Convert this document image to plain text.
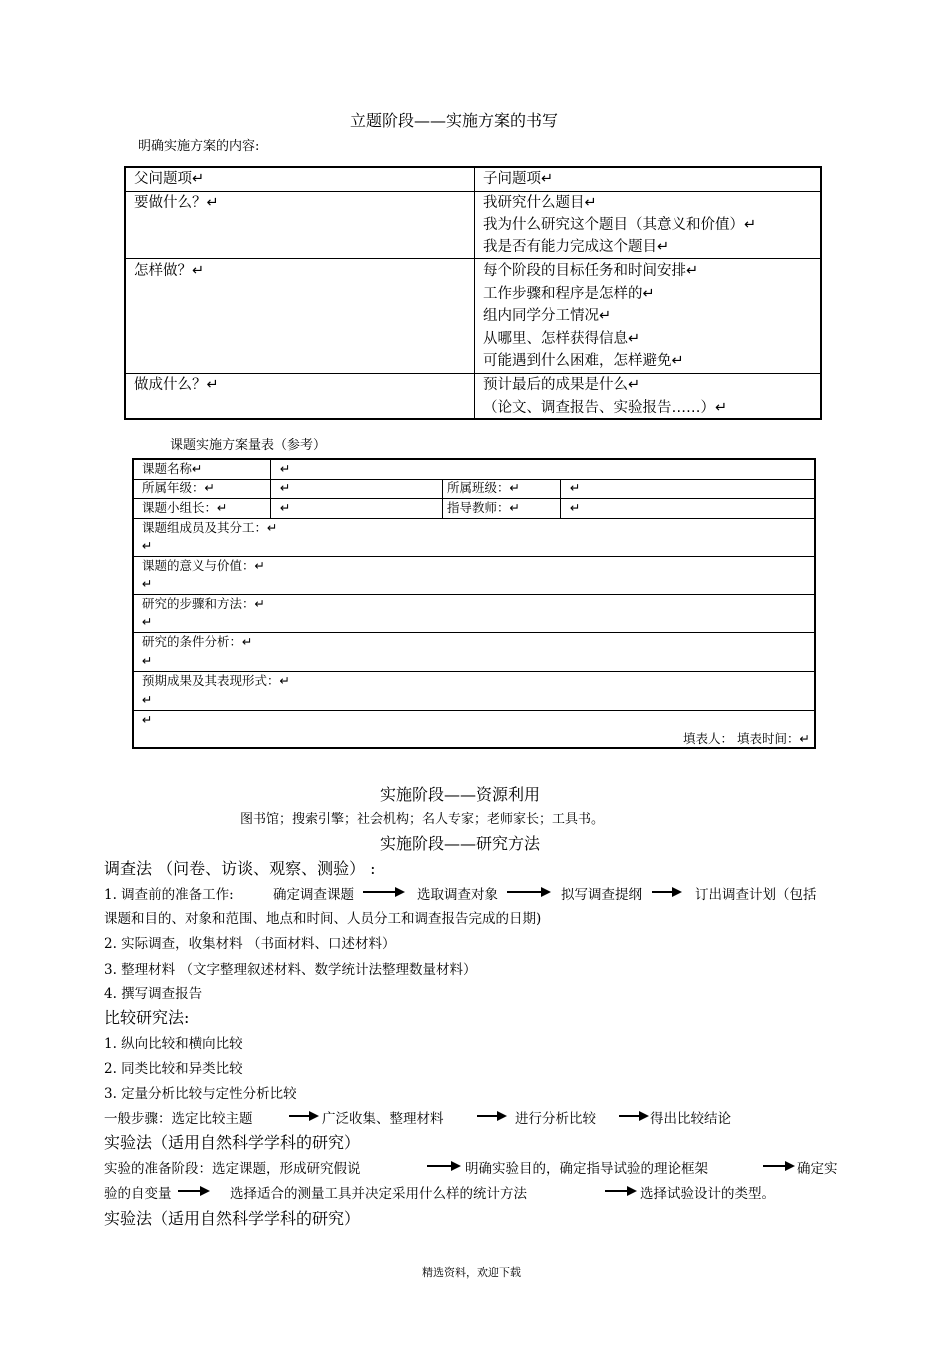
立题阶段——实施方案的书写
明确实施方案的内容:
父问题项↵	子问题项↵
要做什么？↵	我研究什么题目↵
我为什么研究这个题目（其意义和价值）↵
我是否有能力完成这个题目↵
怎样做？↵	每个阶段的目标任务和时间安排↵
工作步骤和程序是怎样的↵
组内同学分工情况↵
从哪里、怎样获得信息↵
可能遇到什么困难，怎样避免↵
做成什么？↵	预计最后的成果是什么↵
（论文、调查报告、实验报告……）↵
课题实施方案量表（参考）
课题名称↵	↵
所属年级：↵	↵	所属班级：↵	↵
课题小组长：↵	↵	指导教师：↵	↵
课题组成员及其分工：↵
↵
课题的意义与价值：↵
↵
研究的步骤和方法：↵
↵
研究的条件分析：↵
↵
预期成果及其表现形式：↵
↵
↵
填表人： 填表时间：↵
实施阶段——资源利用
图书馆；搜索引擎；社会机构；名人专家；老师家长；工具书。
实施阶段——研究方法
调查法 （问卷、访谈、观察、测验） :
1. 调查前的准备工作:	确定调查课题	选取调查对象	拟写调查提纲	订出调查计划（包括
课题和目的、对象和范围、地点和时间、人员分工和调查报告完成的日期)
2. 实际调查，收集材料 （书面材料、口述材料）
3. 整理材料 （文字整理叙述材料、数学统计法整理数量材料）
4. 撰写调查报告
比较研究法:
1. 纵向比较和横向比较
2. 同类比较和异类比较
3. 定量分析比较与定性分析比较
一般步骤：选定比较主题	广泛收集、整理材料	进行分析比较	得出比较结论
实验法（适用自然科学学科的研究）
实验的准备阶段：选定课题，形成研究假说	明确实验目的，确定指导试验的理论框架	确定实
验的自变量	选择适合的测量工具并决定采用什么样的统计方法	选择试验设计的类型。
实验法（适用自然科学学科的研究）
精选资料，欢迎下载
